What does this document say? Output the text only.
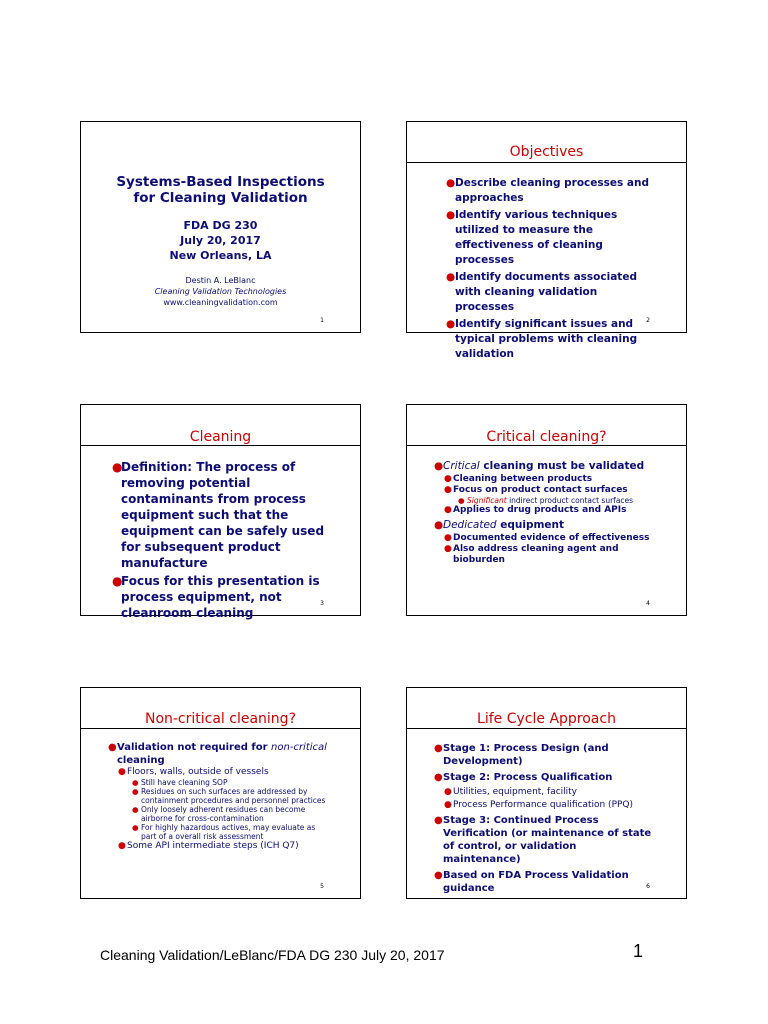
Systems-Based Inspections
for Cleaning Validation
FDA DG 230
July 20, 2017
New Orleans, LA
Destin A. LeBlanc
Cleaning Validation Technologies
www.cleaningvalidation.com
1
Objectives
● Describe cleaning processes and approaches
● Identify various techniques utilized to measure the effectiveness of cleaning processes
● Identify documents associated with cleaning validation processes
● Identify significant issues and typical problems with cleaning validation
2
Cleaning
●
Definition: The process of removing potential contaminants from process equipment such that the equipment can be safely used for subsequent product manufacture
●
Focus for this presentation is process equipment, not cleanroom cleaning
3
Critical cleaning?
● Critical cleaning must be validated
● Cleaning between products
● Focus on product contact surfaces
● Significant indirect product contact surfaces
● Applies to drug products and APIs
● Dedicated equipment
● Documented evidence of effectiveness
● Also address cleaning agent and bioburden
4
Non-critical cleaning?
● Validation not required for non-critical cleaning
● Floors, walls, outside of vessels
● Still have cleaning SOP
● Residues on such surfaces are addressed by containment procedures and personnel practices
● Only loosely adherent residues can become airborne for cross-contamination
● For highly hazardous actives, may evaluate as part of a overall risk assessment
● Some API intermediate steps (ICH Q7)
5
Life Cycle Approach
● Stage 1: Process Design (and Development)
● Stage 2: Process Qualification
● Utilities, equipment, facility
● Process Performance qualification (PPQ)
● Stage 3: Continued Process Verification (or maintenance of state of control, or validation maintenance)
● Based on FDA Process Validation guidance	6
Cleaning Validation/LeBlanc/FDA DG 230 July 20, 2017	1
